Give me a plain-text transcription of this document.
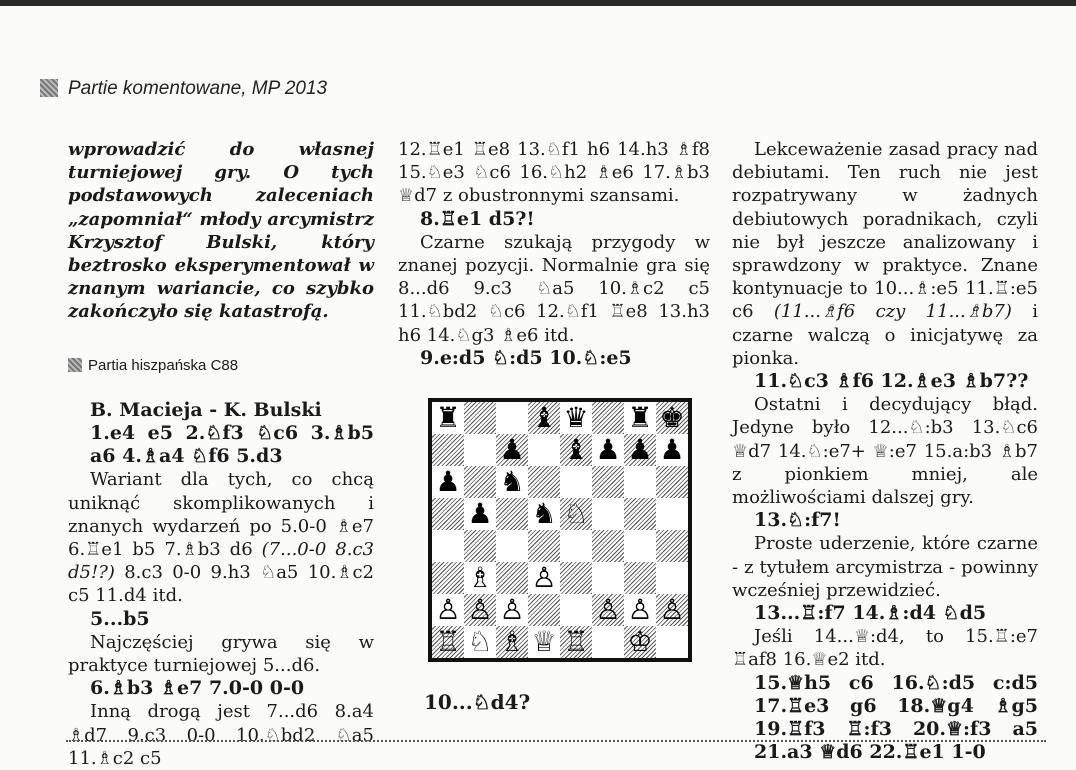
Partie komentowane, MP 2013

wprowadzić do własnej turniejowej gry. O tych podstawowych zaleceniach „zapomniał“ młody arcymistrz Krzysztof Bulski, który beztrosko eksperymentował w znanym wariancie, co szybko zakończyło się katastrofą.

Partia hiszpańska C88

B. Macieja - K. Bulski

1.e4 e5 2.♘f3 ♘c6 3.♗b5 a6 4.♗a4 ♘f6 5.d3

Wariant dla tych, co chcą uniknąć skomplikowanych i znanych wydarzeń po 5.0-0 ♗e7 6.♖e1 b5 7.♗b3 d6 (7...0-0 8.c3 d5!?) 8.c3 0-0 9.h3 ♘a5 10.♗c2 c5 11.d4 itd.

5...b5

Najczęściej grywa się w praktyce turniejowej 5...d6.

6.♗b3 ♗e7 7.0-0 0-0

Inną drogą jest 7...d6 8.a4 ♗d7 9.c3 0-0 10.♘bd2 ♘a5 11.♗c2 c5

12.♖e1 ♖e8 13.♘f1 h6 14.h3 ♗f8 15.♘e3 ♘c6 16.♘h2 ♗e6 17.♗b3 ♕d7 z obustronnymi szansami.

8.♖e1 d5?!

Czarne szukają przygody w znanej pozycji. Normalnie gra się 8...d6 9.c3 ♘a5 10.♗c2 c5 11.♘bd2 ♘c6 12.♘f1 ♖e8 13.h3 h6 14.♘g3 ♗e6 itd.

9.e:d5 ♘:d5 10.♘:e5

♜	♝ ♛ ♜ ♚
♟ ♝ ♟ ♟ ♟
♟ ♞
♟ ♞ ♘
♗ ♙
♙ ♙ ♙	♙ ♙ ♙
♖ ♘ ♗ ♕ ♖ ♔
10...♘d4?

Lekceważenie zasad pracy nad debiutami. Ten ruch nie jest rozpatrywany w żadnych debiutowych poradnikach, czyli nie był jeszcze analizowany i sprawdzony w praktyce. Znane kontynuacje to 10...♗:e5 11.♖:e5 c6 (11...♗f6 czy 11...♗b7) i czarne walczą o inicjatywę za pionka.

11.♘c3 ♗f6 12.♗e3 ♗b7??

Ostatni i decydujący błąd. Jedyne było 12...♘:b3 13.♘c6 ♕d7 14.♘:e7+ ♕:e7 15.a:b3 ♗b7 z pionkiem mniej, ale możliwościami dalszej gry.

13.♘:f7!

Proste uderzenie, które czarne - z tytułem arcymistrza - powinny wcześniej przewidzieć.

13...♖:f7 14.♗:d4 ♘d5

Jeśli 14...♕:d4, to 15.♖:e7 ♖af8 16.♕e2 itd.

15.♕h5 c6 16.♘:d5 c:d5 17.♖e3 g6 18.♕g4 ♗g5 19.♖f3 ♖:f3 20.♕:f3 a5 21.a3 ♕d6 22.♖e1 1-0
